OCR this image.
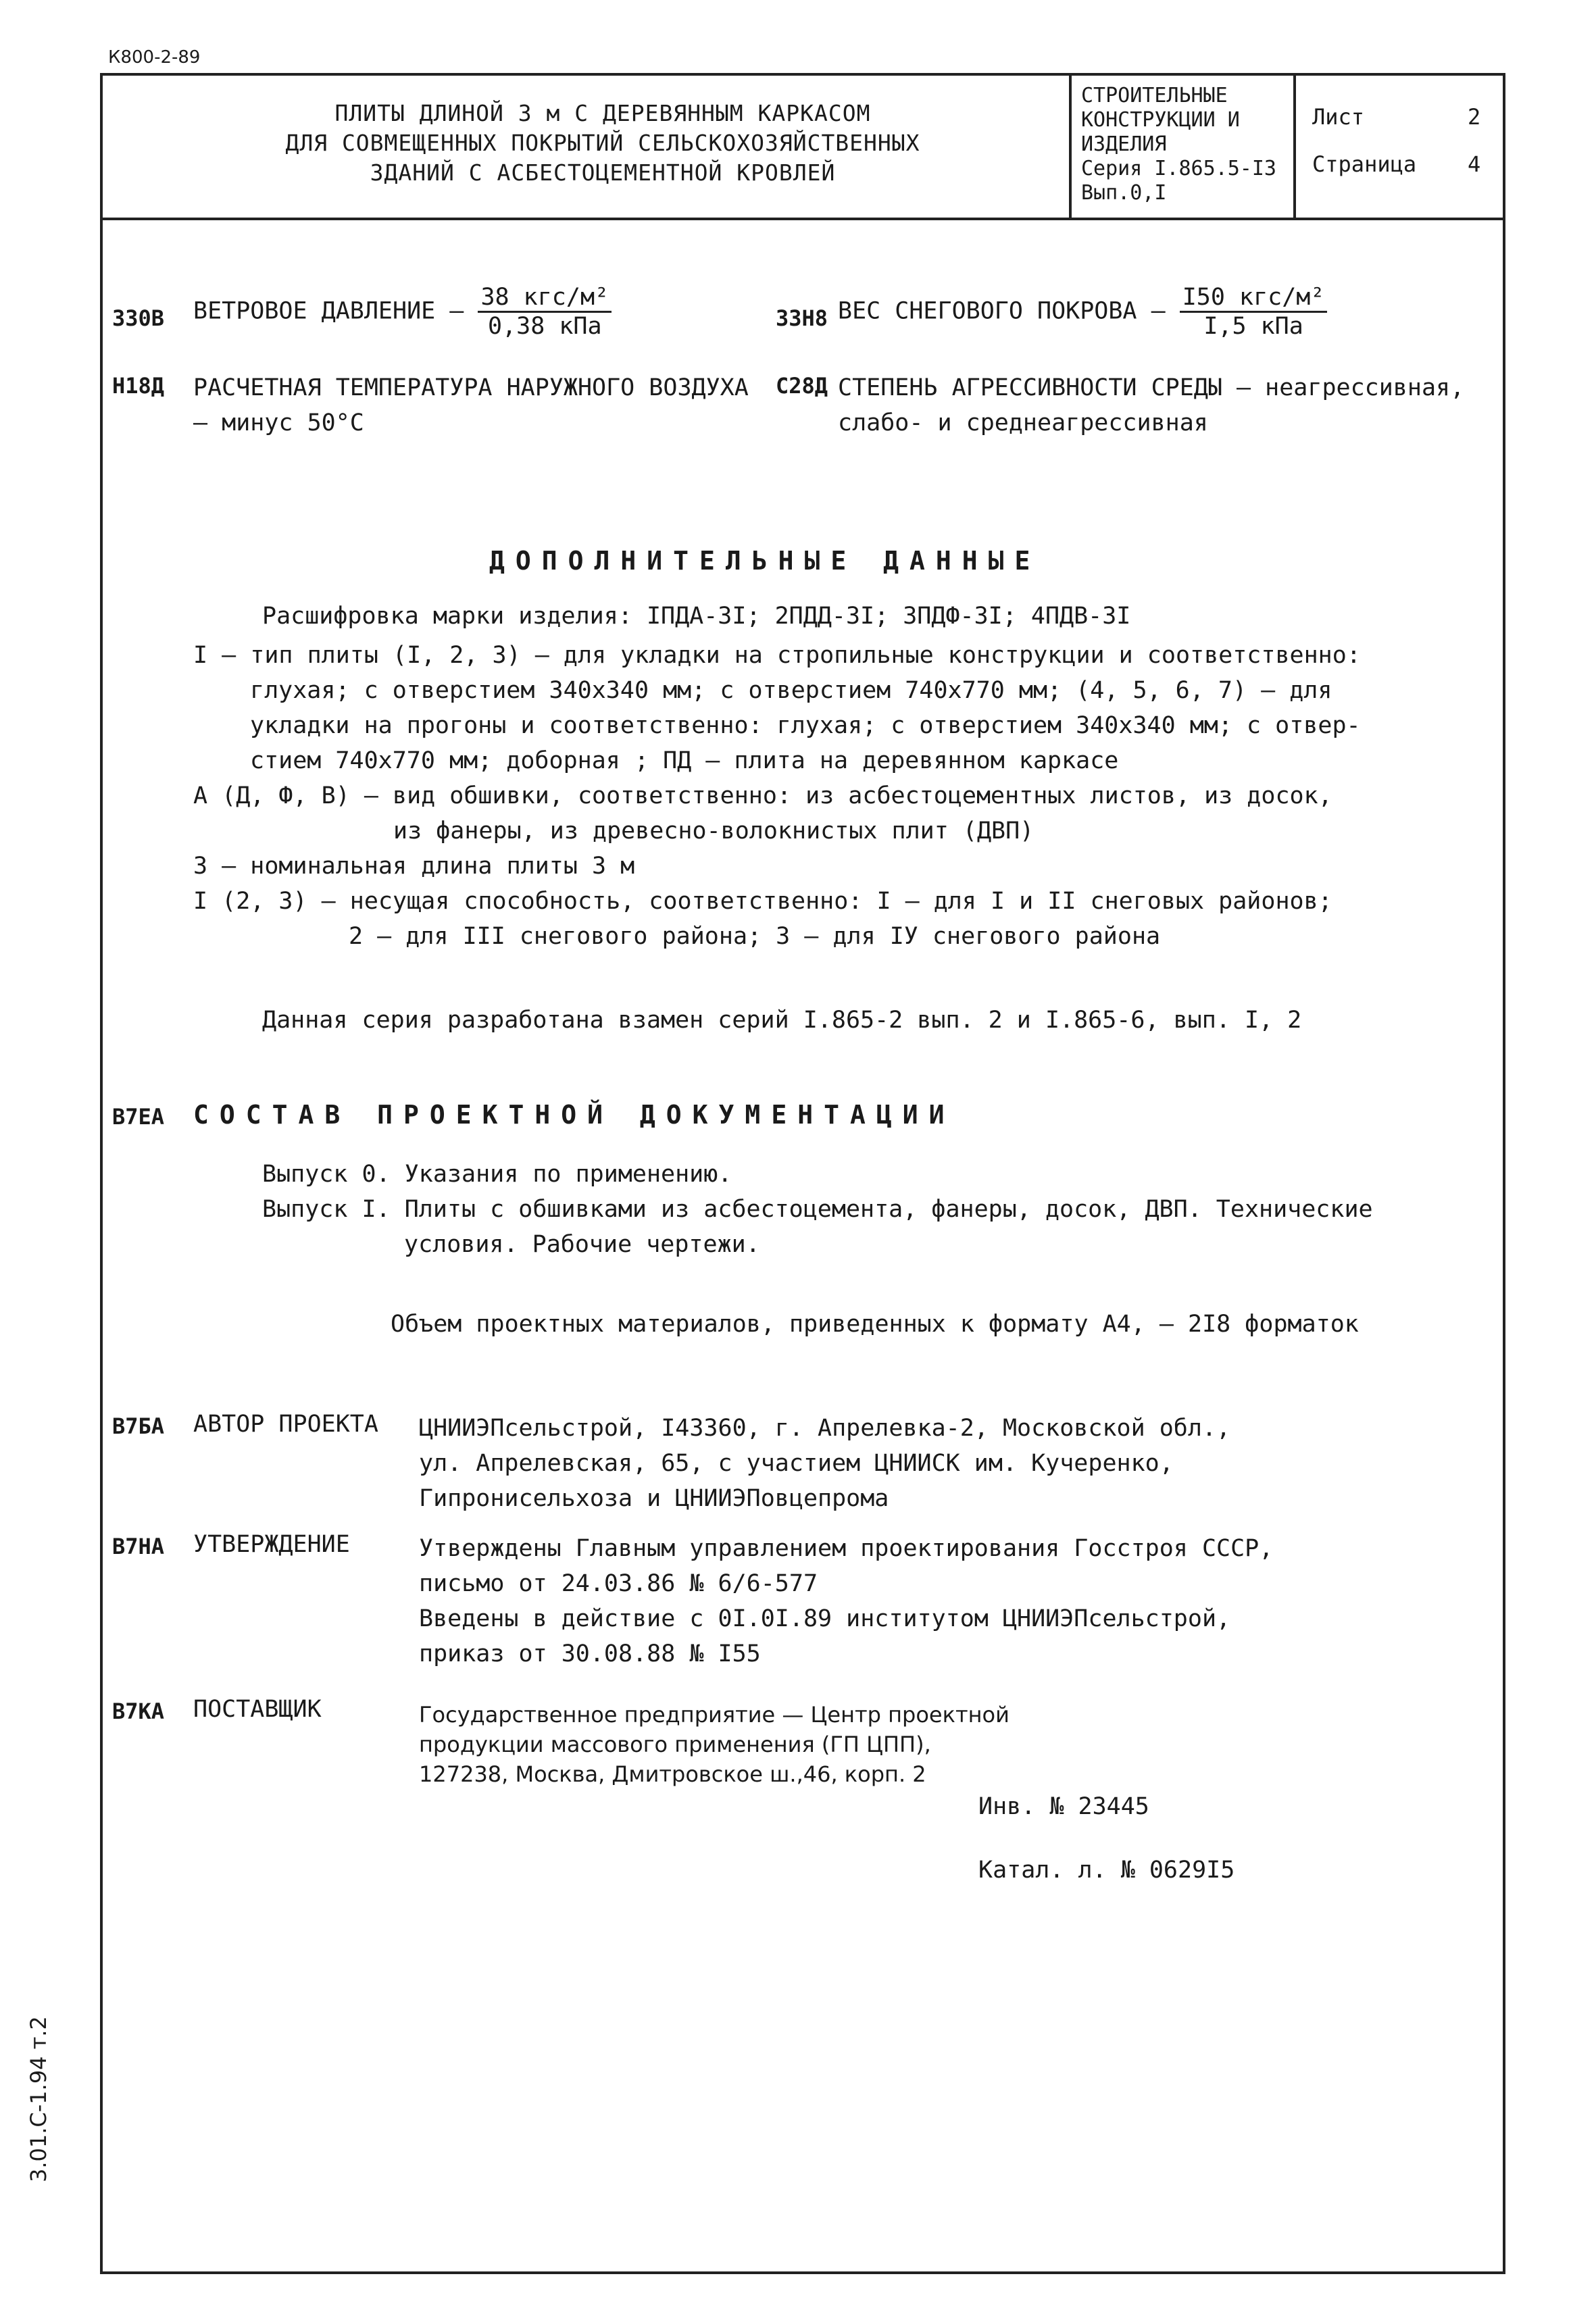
К800-2-89
ПЛИТЫ ДЛИНОЙ 3 м С ДЕРЕВЯННЫМ КАРКАСОМ
ДЛЯ СОВМЕЩЕННЫХ ПОКРЫТИЙ СЕЛЬСКОХОЗЯЙСТВЕННЫХ
ЗДАНИЙ С АСБЕСТОЦЕМЕНТНОЙ КРОВЛЕЙ
СТРОИТЕЛЬНЫЕ
КОНСТРУКЦИИ И
ИЗДЕЛИЯ
Серия I.865.5-I3
Вып.0,I
Лист	2
Страница 4
330В ВЕТРОВОЕ ДАВЛЕНИЕ – $\frac{\text{38 кгс/м²}}{\text{0,38 кПа}}$	33Н8 ВЕС СНЕГОВОГО ПОКРОВА – $\frac{\text{I50 кгс/м²}}{\text{I,5 кПа}}$
Н18Д РАСЧЕТНАЯ ТЕМПЕРАТУРА НАРУЖНОГО ВОЗДУХА
– минус 50°С
С28Д СТЕПЕНЬ АГРЕССИВНОСТИ СРЕДЫ – неагрессивная,
слабо- и среднеагрессивная
ДОПОЛНИТЕЛЬНЫЕ ДАННЫЕ
Расшифровка марки изделия: IПДА-3I; 2ПДД-3I; 3ПДФ-3I; 4ПДВ-3I
I – тип плиты (I, 2, 3) – для укладки на стропильные конструкции и соответственно:
глухая; с отверстием 340х340 мм; с отверстием 740х770 мм; (4, 5, 6, 7) – для
укладки на прогоны и соответственно: глухая; с отверстием 340х340 мм; с отвер-
стием 740х770 мм; доборная ; ПД – плита на деревянном каркасе
А (Д, Ф, В) – вид обшивки, соответственно: из асбестоцементных листов, из досок,
из фанеры, из древесно-волокнистых плит (ДВП)
3 – номинальная длина плиты 3 м
I (2, 3) – несущая способность, соответственно: I – для I и II снеговых районов;
2 – для III снегового района; 3 – для IУ снегового района
Данная серия разработана взамен серий I.865-2 вып. 2 и I.865-6, вып. I, 2
В7ЕА СОСТАВ ПРОЕКТНОЙ ДОКУМЕНТАЦИИ
Выпуск 0. Указания по применению.
Выпуск I. Плиты с обшивками из асбестоцемента, фанеры, досок, ДВП. Технические
условия. Рабочие чертежи.
Объем проектных материалов, приведенных к формату А4, – 2I8 форматок
В7БА АВТОР ПРОЕКТА ЦНИИЭПсельстрой, I43360, г. Апрелевка-2, Московской обл.,
ул. Апрелевская, 65, с участием ЦНИИСК им. Кучеренко,
Гипронисельхоза и ЦНИИЭПовцепрома
В7НА УТВЕРЖДЕНИЕ	Утверждены Главным управлением проектирования Госстроя СССР,
письмо от 24.03.86 № 6/6-577
Введены в действие с 0I.0I.89 институтом ЦНИИЭПсельстрой,
приказ от 30.08.88 № I55
В7КА ПОСТАВЩИК	Государственное предприятие — Центр проектной
продукции массового применения (ГП ЦПП),
127238, Москва, Дмитровское ш.,46, корп. 2
Инв. № 23445
Катал. л. № 0629I5
3.01.С-1.94 т.2
